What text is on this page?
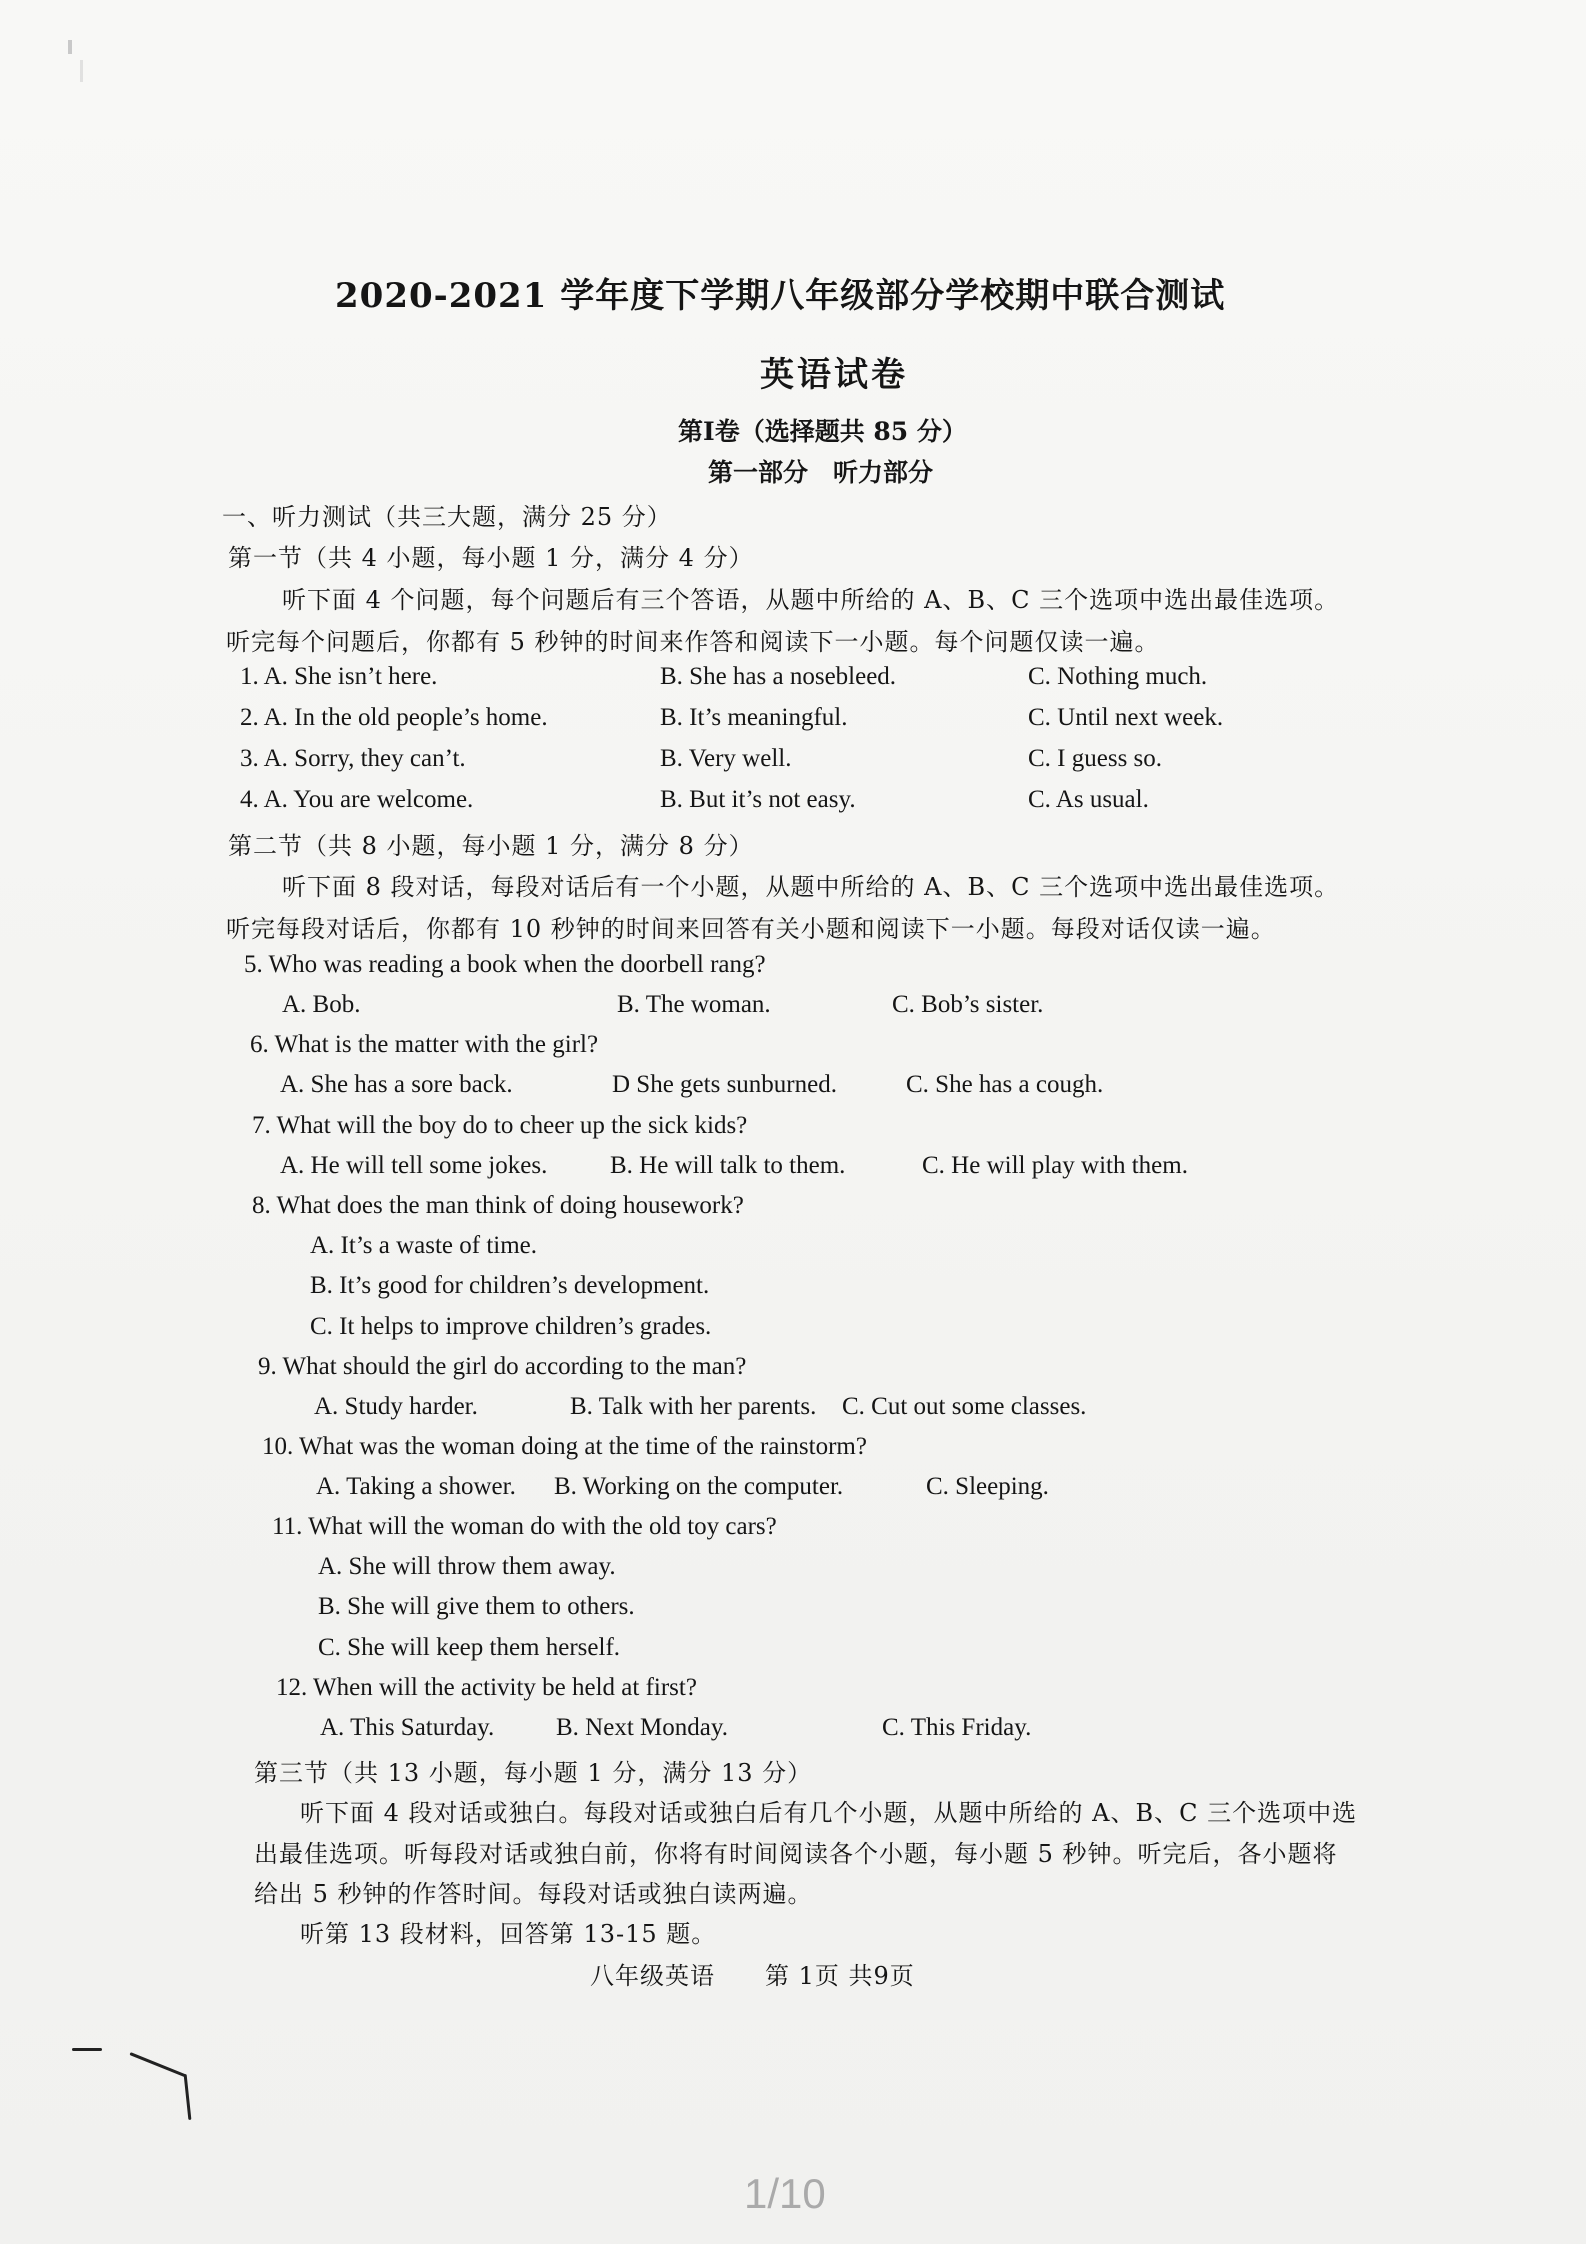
2020-2021 学年度下学期八年级部分学校期中联合测试
英语试卷
第Ⅰ卷（选择题共 85 分）
第一部分　听力部分
一、听力测试（共三大题，满分 25 分）
第一节（共 4 小题，每小题 1 分，满分 4 分）
听下面 4 个问题，每个问题后有三个答语，从题中所给的 A、B、C 三个选项中选出最佳选项。
听完每个问题后，你都有 5 秒钟的时间来作答和阅读下一小题。每个问题仅读一遍。
1. A. She isn’t here.	B. She has a nosebleed.	C. Nothing much.
2. A. In the old people’s home.	B. It’s meaningful.	C. Until next week.
3. A. Sorry, they can’t.	B. Very well.	C. I guess so.
4. A. You are welcome.	B. But it’s not easy.	C. As usual.
第二节（共 8 小题，每小题 1 分，满分 8 分）
听下面 8 段对话，每段对话后有一个小题，从题中所给的 A、B、C 三个选项中选出最佳选项。
听完每段对话后，你都有 10 秒钟的时间来回答有关小题和阅读下一小题。每段对话仅读一遍。
5. Who was reading a book when the doorbell rang?
A. Bob.	B. The woman.	C. Bob’s sister.
6. What is the matter with the girl?
A. She has a sore back.	D She gets sunburned.	C. She has a cough.
7. What will the boy do to cheer up the sick kids?
A. He will tell some jokes.	B. He will talk to them.	C. He will play with them.
8. What does the man think of doing housework?
A. It’s a waste of time.
B. It’s good for children’s development.
C. It helps to improve children’s grades.
9. What should the girl do according to the man?
A. Study harder.	B. Talk with her parents. C. Cut out some classes.
10. What was the woman doing at the time of the rainstorm?
A. Taking a shower. B. Working on the computer.	C. Sleeping.
11. What will the woman do with the old toy cars?
A. She will throw them away.
B. She will give them to others.
C. She will keep them herself.
12. When will the activity be held at first?
A. This Saturday. B. Next Monday.	C. This Friday.
第三节（共 13 小题，每小题 1 分，满分 13 分）
听下面 4 段对话或独白。每段对话或独白后有几个小题，从题中所给的 A、B、C 三个选项中选
出最佳选项。听每段对话或独白前，你将有时间阅读各个小题，每小题 5 秒钟。听完后，各小题将
给出 5 秒钟的作答时间。每段对话或独白读两遍。
听第 13 段材料，回答第 13-15 题。
八年级英语　　第 1页 共9页
1/10
